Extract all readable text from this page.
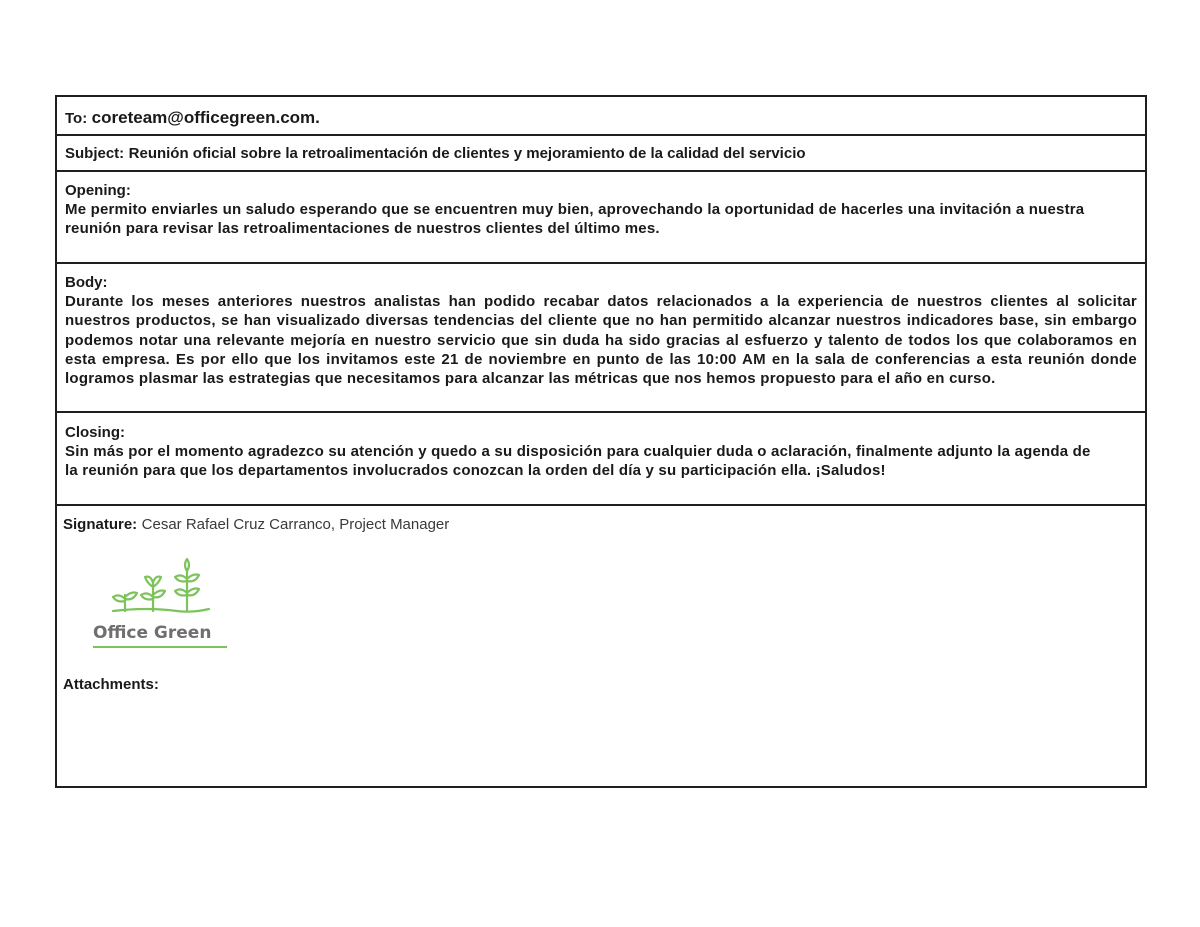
To: coreteam@officegreen.com.
Subject: Reunión oficial sobre la retroalimentación de clientes y mejoramiento de la calidad del servicio
Opening:
Me permito enviarles un saludo esperando que se encuentren muy bien, aprovechando la oportunidad de hacerles una invitación a nuestra reunión para revisar las retroalimentaciones de nuestros clientes del último mes.
Body:
Durante los meses anteriores nuestros analistas han podido recabar datos relacionados a la experiencia de nuestros clientes al solicitar nuestros productos, se han visualizado diversas tendencias del cliente que no han permitido alcanzar nuestros indicadores base, sin embargo podemos notar una relevante mejoría en nuestro servicio que sin duda ha sido gracias al esfuerzo y talento de todos los que colaboramos en esta empresa. Es por ello que los invitamos este 21 de noviembre en punto de las 10:00 AM en la sala de conferencias a esta reunión donde logramos plasmar las estrategias que necesitamos para alcanzar las métricas que nos hemos propuesto para el año en curso.
Closing:
Sin más por el momento agradezco su atención y quedo a su disposición para cualquier duda o aclaración, finalmente adjunto la agenda de la reunión para que los departamentos involucrados conozcan la orden del día y su participación ella. ¡Saludos!
Signature: Cesar Rafael Cruz Carranco, Project Manager
Office Green
Attachments:
